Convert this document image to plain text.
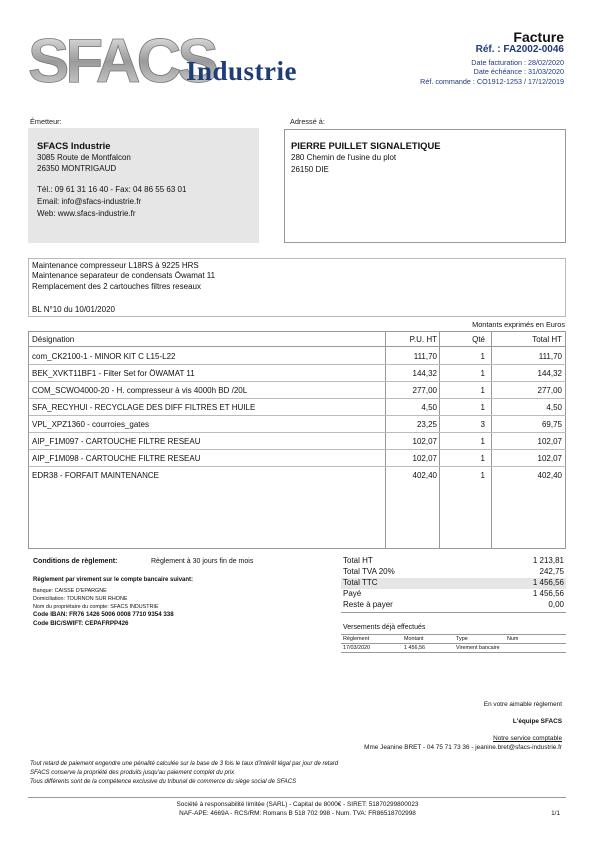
SFACS
Industrie
Facture
Réf. : FA2002-0046
Date facturation : 28/02/2020
Date échéance : 31/03/2020
Réf. commande : CO1912-1253 / 17/12/2019
Émetteur:
SFACS Industrie
3085 Route de Montfalcon
26350 MONTRIGAUD
Tél.: 09 61 31 16 40 - Fax: 04 86 55 63 01
Email: info@sfacs-industrie.fr
Web: www.sfacs-industrie.fr
Adressé à:
PIERRE PUILLET SIGNALETIQUE
280 Chemin de l'usine du plot
26150 DIE
Maintenance compresseur L18RS à 9225 HRS
Maintenance separateur de condensats Öwamat 11
Remplacement des 2 cartouches filtres reseaux
BL N°10 du 10/01/2020
Montants exprimés en Euros
Désignation	P.U. HT	Qté	Total HT
com_CK2100-1 - MINOR KIT C L15-L22	111,70	1	111,70
BEK_XVKT11BF1 - Filter Set for ÖWAMAT 11	144,32	1	144,32
COM_SCWO4000-20 - H. compresseur à vis 4000h BD /20L	277,00	1	277,00
SFA_RECYHUI - RECYCLAGE DES DIFF FILTRES ET HUILE	4,50	1	4,50
VPL_XPZ1360 - courroies_gates	23,25	3	69,75
AIP_F1M097 - CARTOUCHE FILTRE RESEAU	102,07	1	102,07
AIP_F1M098 - CARTOUCHE FILTRE RESEAU	102,07	1	102,07
EDR38 - FORFAIT MAINTENANCE	402,40	1	402,40
Conditions de règlement:	Règlement à 30 jours fin de mois
Règlement par virement sur le compte bancaire suivant:
Banque: CAISSE D'EPARGNE
Domiciliation: TOURNON SUR RHONE
Nom du propriétaire du compte: SFACS INDUSTRIE
Code IBAN: FR76 1426 5006 0008 7710 9354 338
Code BIC/SWIFT: CEPAFRPP426
Total HT	1 213,81
Total TVA 20%	242,75
Total TTC	1 456,56
Payé	1 456,56
Reste à payer	0,00
Versements déjà effectués
Règlement	Montant	Type	Num
17/03/2020	1 456,56	Virement bancaire
En votre aimable règlement
L'équipe SFACS
Notre service comptable
Mme Jeanine BRET - 04 75 71 73 36 - jeanine.bret@sfacs-industrie.fr
Tout retard de paiement engendre une pénalité calculée sur la base de 3 fois le taux d'intérêt légal par jour de retard
SFACS conserve la propriété des produits jusqu'au paiement complet du prix
Tous différents sont de la compétence exclusive du tribunal de commerce du siège social de SFACS
Société à responsabilité limitée (SARL) - Capital de 8000€ - SIRET: 51870299800023
NAF-APE: 4669A - RCS/RM: Romans B 518 702 998 - Num. TVA: FR86518702998	1/1
